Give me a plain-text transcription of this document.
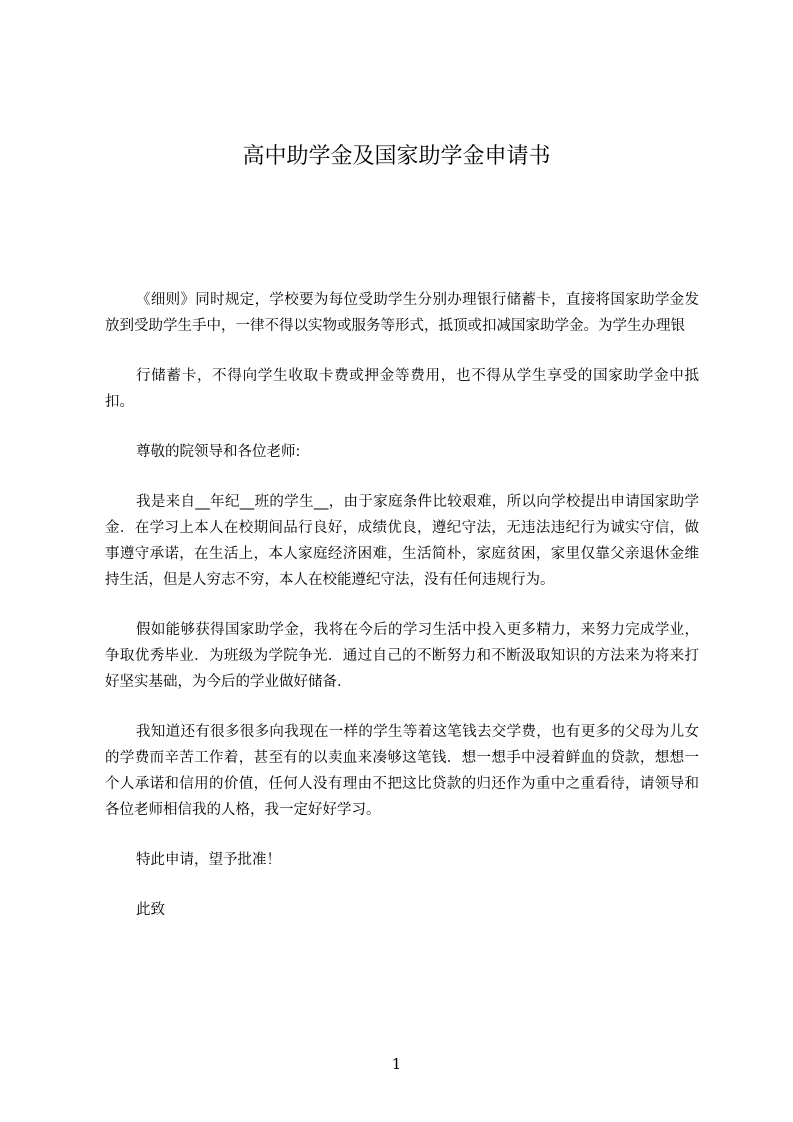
高中助学金及国家助学金申请书

《细则》同时规定，学校要为每位受助学生分别办理银行储蓄卡，直接将国家助学金发放到受助学生手中，一律不得以实物或服务等形式，抵顶或扣减国家助学金。为学生办理银

行储蓄卡，不得向学生收取卡费或押金等费用，也不得从学生享受的国家助学金中抵扣。

尊敬的院领导和各位老师:

我是来自__年纪__班的学生__，由于家庭条件比较艰难，所以向学校提出申请国家助学金．在学习上本人在校期间品行良好，成绩优良，遵纪守法，无违法违纪行为诚实守信，做事遵守承诺，在生活上，本人家庭经济困难，生活简朴，家庭贫困，家里仅靠父亲退休金维持生活，但是人穷志不穷，本人在校能遵纪守法，没有任何违规行为。

假如能够获得国家助学金，我将在今后的学习生活中投入更多精力，来努力完成学业，争取优秀毕业．为班级为学院争光．通过自己的不断努力和不断汲取知识的方法来为将来打好坚实基础，为今后的学业做好储备．

我知道还有很多很多向我现在一样的学生等着这笔钱去交学费，也有更多的父母为儿女的学费而辛苦工作着，甚至有的以卖血来凑够这笔钱．想一想手中浸着鲜血的贷款，想想一个人承诺和信用的价值，任何人没有理由不把这比贷款的归还作为重中之重看待，请领导和各位老师相信我的人格，我一定好好学习。

特此申请，望予批准！

此致

1
